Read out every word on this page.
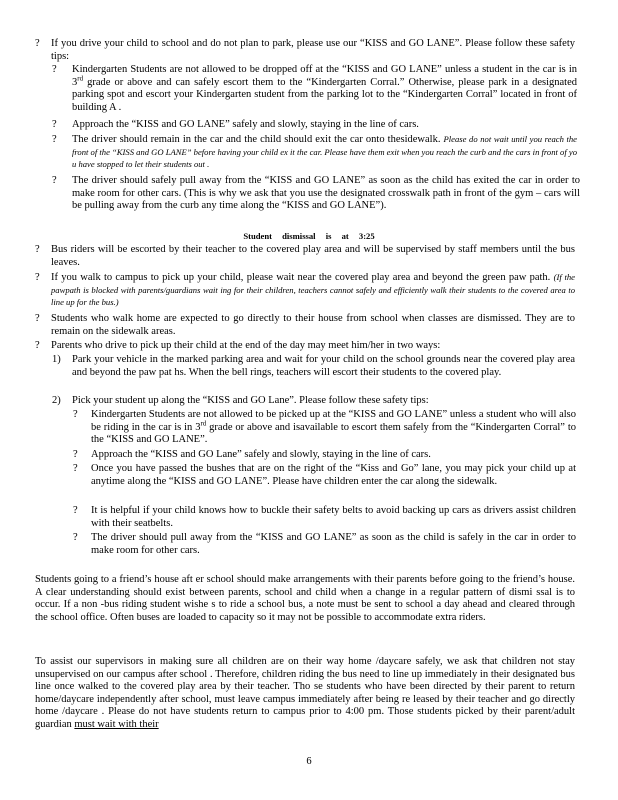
?	If you drive your child to school and do not plan to park, please use our “KISS and GO LANE”. Please follow these safety tips:
?	Kindergarten Students are not allowed to be dropped off at the “KISS and GO LANE” unless a student in the car is in 3rd grade or above and can safely escort them to the “Kindergarten Corral.” Otherwise, please park in a designated parking spot and escort your Kindergarten student from the parking lot to the “Kindergarten Corral” located in front of building A .
?	Approach the “KISS and GO LANE” safely and slowly, staying in the line of cars.
?	The driver should remain in the car and the child should exit the car onto thesidewalk. Please do not wait until you reach the front of the “KISS and GO LANE” before having your child ex it the car. Please have them exit when you reach the curb and the cars in front of yo u have stopped to let their students out .
?	The driver should safely pull away from the “KISS and GO LANE” as soon as the child has exited the car in order to make room for other cars. (This is why we ask that you use the designated crosswalk path in front of the gym – cars will be pulling away from the curb any time along the “KISS and GO LANE”).
Student dismissal is at 3:25
?	Bus riders will be escorted by their teacher to the covered play area and will be supervised by staff members until the bus leaves.
?	If you walk to campus to pick up your child, please wait near the covered play area and beyond the green paw path. (If the pawpath is blocked with parents/guardians wait ing for their children, teachers cannot safely and efficiently walk their students to the covered area to line up for the bus.)
?	Students who walk home are expected to go directly to their house from school when classes are dismissed. They are to remain on the sidewalk areas.
?	Parents who drive to pick up their child at the end of the day may meet him/her in two ways:
1)	Park your vehicle in the marked parking area and wait for your child on the school grounds near the covered play area and beyond the paw pat hs. When the bell rings, teachers will escort their students to the covered play.
2)	Pick your student up along the “KISS and GO Lane”. Please follow these safety tips:
?	Kindergarten Students are not allowed to be picked up at the “KISS and GO LANE” unless a student who will also be riding in the car is in 3rd grade or above and isavailable to escort them safely from the “Kindergarten Corral” to the “KISS and GO LANE”.
?	Approach the “KISS and GO Lane” safely and slowly, staying in the line of cars.
?	Once you have passed the bushes that are on the right of the “Kiss and Go” lane, you may pick your child up at anytime along the “KISS and GO LANE”. Please have children enter the car along the sidewalk.
?	It is helpful if your child knows how to buckle their safety belts to avoid backing up cars as drivers assist children with their seatbelts.
?	The driver should pull away from the “KISS and GO LANE” as soon as the child is safely in the car in order to make room for other cars.
Students going to a friend’s house aft er school should make arrangements with their parents before going to the friend’s house. A clear understanding should exist between parents, school and child when a change in a regular pattern of dismi ssal is to occur. If a non -bus riding student wishe s to ride a school bus, a note must be sent to school a day ahead and cleared through the school office. Often buses are loaded to capacity so it may not be possible to accommodate extra riders.
To assist our supervisors in making sure all children are on their way home /daycare safely, we ask that children not stay unsupervised on our campus after school . Therefore, children riding the bus need to line up immediately in their designated bus line once walked to the covered play area by their teacher. Tho se students who have been directed by their parent to return home/daycare independently after school, must leave campus immediately after being re leased by their teacher and go directly home /daycare . Please do not have students return to campus prior to 4:00 pm. Those students picked by their parent/adult guardian must wait with their
6
